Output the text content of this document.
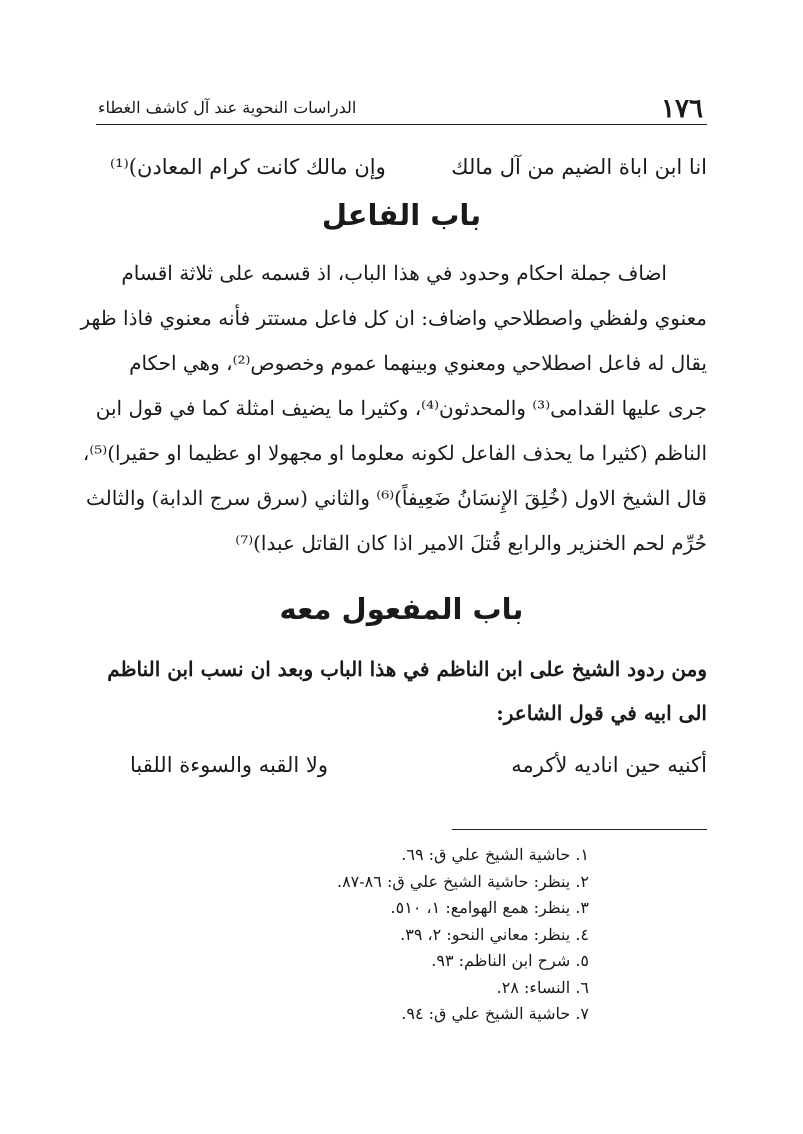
١٧٦
الدراسات النحوية عند آل كاشف الغطاء
انا ابن اباة الضيم من آل مالك
وإن مالك كانت كرام المعادن)⁽¹⁾
باب الفاعل

اضاف جملة احكام وحدود في هذا الباب، اذ قسمه على ثلاثة اقسام
معنوي ولفظي واصطلاحي واضاف: ان كل فاعل مستتر فأنه معنوي فاذا ظهر
يقال له فاعل اصطلاحي ومعنوي وبينهما عموم وخصوص⁽²⁾، وهي احكام
جرى عليها القدامى⁽³⁾ والمحدثون⁽⁴⁾، وكثيرا ما يضيف امثلة كما في قول ابن
الناظم (كثيرا ما يحذف الفاعل لكونه معلوما او مجهولا او عظيما او حقيرا)⁽⁵⁾،
قال الشيخ الاول (خُلِقَ الإِنسَانُ ضَعِيفاً)⁽⁶⁾ والثاني (سرق سرج الدابة) والثالث
حُرِّم لحم الخنزير والرابع قُتلَ الامير اذا كان القاتل عبدا)⁽⁷⁾

باب المفعول معه

ومن ردود الشيخ على ابن الناظم في هذا الباب وبعد ان نسب ابن الناظم
الى ابيه في قول الشاعر:

أكنيه حين اناديه لأكرمه
ولا القبه والسوءة اللقبا
١. حاشية الشيخ علي ق: ٦٩.
٢. ينظر: حاشية الشيخ علي ق: ٨٦-٨٧.
٣. ينظر: همع الهوامع: ١، ٥١٠.
٤. ينظر: معاني النحو: ٢، ٣٩.
٥. شرح ابن الناظم: ٩٣.
٦. النساء: ٢٨.
٧. حاشية الشيخ علي ق: ٩٤.
